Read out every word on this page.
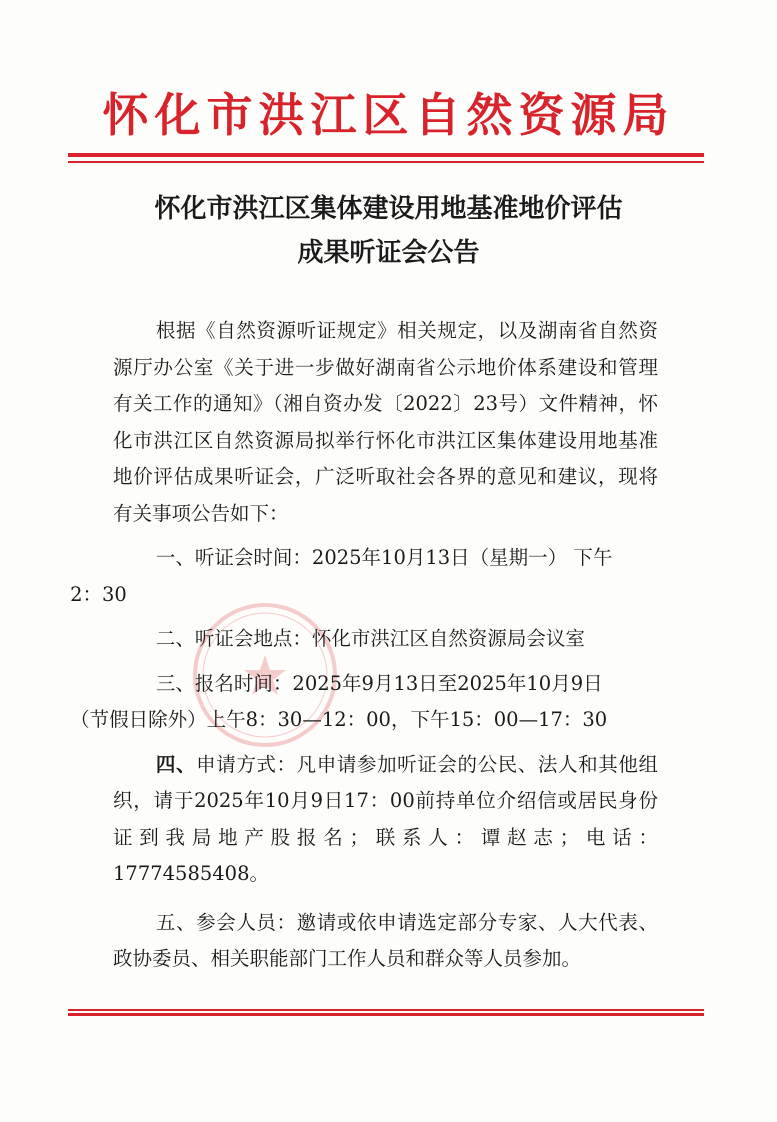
怀化市洪江区自然资源局
怀化市洪江区集体建设用地基准地价评估
成果听证会公告
根据《自然资源听证规定》相关规定，以及湖南省自然资源厅办公室《关于进一步做好湖南省公示地价体系建设和管理有关工作的通知》（湘自资办发〔2022〕23号）文件精神，怀化市洪江区自然资源局拟举行怀化市洪江区集体建设用地基准地价评估成果听证会，广泛听取社会各界的意见和建议，现将有关事项公告如下：
一、听证会时间：2025年10月13日（星期一） 下午
2：30
二、听证会地点：怀化市洪江区自然资源局会议室
三、报名时间：2025年9月13日至2025年10月9日
（节假日除外）上午8：30—12：00，下午15：00—17：30
四、申请方式：凡申请参加听证会的公民、法人和其他组织，请于2025年10月9日17：00前持单位介绍信或居民身份证到我局地产股报名；联系人：谭赵志；电话：17774585408。
五、参会人员：邀请或依申请选定部分专家、人大代表、政协委员、相关职能部门工作人员和群众等人员参加。
